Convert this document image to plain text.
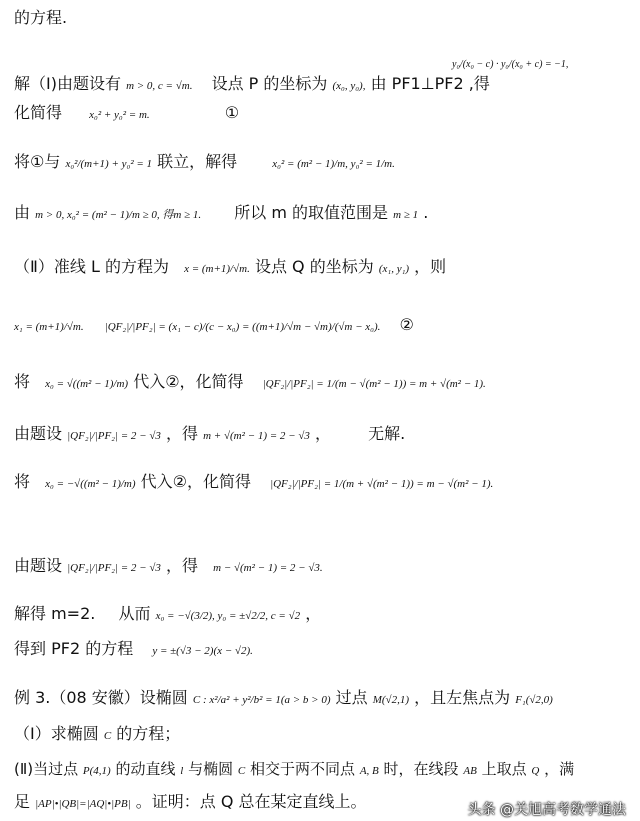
的方程.
解（Ⅰ)由题设有 m > 0, c = √m. 设点 P 的坐标为 (x₀, y₀), 由 PF1⊥PF2 ,得
y₀/(x₀ − c) · y₀/(x₀ + c) = −1,
化简得 x₀² + y₀² = m.	①
将①与 x₀²/(m+1) + y₀² = 1 联立，解得	x₀² = (m² − 1)/m, y₀² = 1/m.
由 m > 0, x₀² = (m² − 1)/m ≥ 0, 得m ≥ 1. 所以 m 的取值范围是 m ≥ 1 .
（Ⅱ）准线 L 的方程为 x = (m+1)/√m. 设点 Q 的坐标为 (x₁, y₁) ，则
x₁ = (m+1)/√m. |QF₂|/|PF₂| = (x₁ − c)/(c − x₀) = ((m+1)/√m − √m)/(√m − x₀). ②
将 x₀ = √((m² − 1)/m) 代入②，化简得 |QF₂|/|PF₂| = 1/(m − √(m² − 1)) = m + √(m² − 1).
由题设 |QF₂|/|PF₂| = 2 − √3 ，得 m + √(m² − 1) = 2 − √3 ， 无解.
将 x₀ = −√((m² − 1)/m) 代入②，化简得 |QF₂|/|PF₂| = 1/(m + √(m² − 1)) = m − √(m² − 1).
由题设 |QF₂|/|PF₂| = 2 − √3 ，得 m − √(m² − 1) = 2 − √3.
解得 m=2. 从而 x₀ = −√(3/2), y₀ = ±√2/2, c = √2 ，
得到 PF2 的方程 y = ±(√3 − 2)(x − √2).
例 3.（08 安徽）设椭圆 C : x²/a² + y²/b² = 1(a > b > 0) 过点 M(√2,1) ，且左焦点为 F₁(√2,0)
（Ⅰ）求椭圆 C 的方程；
(Ⅱ)当过点 P(4,1) 的动直线 l 与椭圆 C 相交于两不同点 A, B 时，在线段 AB 上取点 Q ，满
足 |AP|•|QB|=|AQ|•|PB| 。证明：点 Q 总在某定直线上。	头条 @关旭高考数学通法
